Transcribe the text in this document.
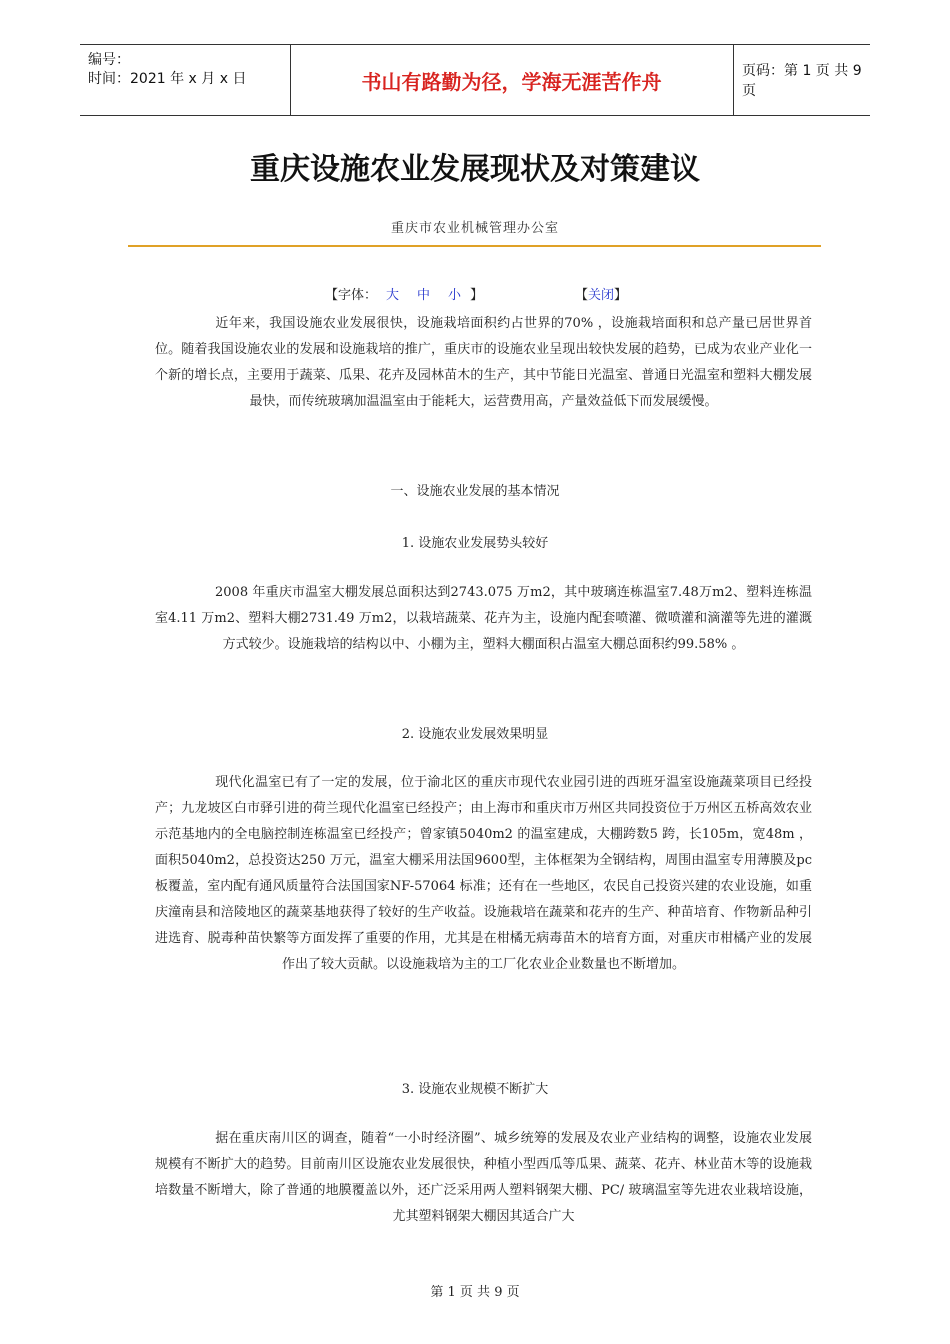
编号：
时间：2021 年 x 月 x 日	书山有路勤为径，学海无涯苦作舟	页码：第 1 页 共 9 页
重庆设施农业发展现状及对策建议
重庆市农业机械管理办公室
【字体： 大 中 小 】	【关闭】
近年来，我国设施农业发展很快，设施栽培面积约占世界的70% ，设施栽培面积和总产量已居世界首位。随着我国设施农业的发展和设施栽培的推广，重庆市的设施农业呈现出较快发展的趋势，已成为农业产业化一个新的增长点，主要用于蔬菜、瓜果、花卉及园林苗木的生产，其中节能日光温室、普通日光温室和塑料大棚发展最快，而传统玻璃加温温室由于能耗大，运营费用高，产量效益低下而发展缓慢。
一、设施农业发展的基本情况
1. 设施农业发展势头较好
2008 年重庆市温室大棚发展总面积达到2743.075 万m2，其中玻璃连栋温室7.48万m2、塑料连栋温室4.11 万m2、塑料大棚2731.49 万m2，以栽培蔬菜、花卉为主，设施内配套喷灌、微喷灌和滴灌等先进的灌溉方式较少。设施栽培的结构以中、小棚为主，塑料大棚面积占温室大棚总面积约99.58% 。
2. 设施农业发展效果明显
现代化温室已有了一定的发展，位于渝北区的重庆市现代农业园引进的西班牙温室设施蔬菜项目已经投产；九龙坡区白市驿引进的荷兰现代化温室已经投产；由上海市和重庆市万州区共同投资位于万州区五桥高效农业示范基地内的全电脑控制连栋温室已经投产；曾家镇5040m2 的温室建成，大棚跨数5 跨，长105m，宽48m ，面积5040m2，总投资达250 万元，温室大棚采用法国9600型，主体框架为全钢结构，周围由温室专用薄膜及pc板覆盖，室内配有通风质量符合法国国家NF-57064 标准；还有在一些地区，农民自己投资兴建的农业设施，如重庆潼南县和涪陵地区的蔬菜基地获得了较好的生产收益。设施栽培在蔬菜和花卉的生产、种苗培育、作物新品种引进选育、脱毒种苗快繁等方面发挥了重要的作用，尤其是在柑橘无病毒苗木的培育方面，对重庆市柑橘产业的发展作出了较大贡献。以设施栽培为主的工厂化农业企业数量也不断增加。
3. 设施农业规模不断扩大
据在重庆南川区的调查，随着“一小时经济圈”、城乡统筹的发展及农业产业结构的调整，设施农业发展规模有不断扩大的趋势。目前南川区设施农业发展很快，种植小型西瓜等瓜果、蔬菜、花卉、林业苗木等的设施栽培数量不断增大，除了普通的地膜覆盖以外，还广泛采用两人塑料钢架大棚、PC/ 玻璃温室等先进农业栽培设施，尤其塑料钢架大棚因其适合广大
第 1 页 共 9 页
